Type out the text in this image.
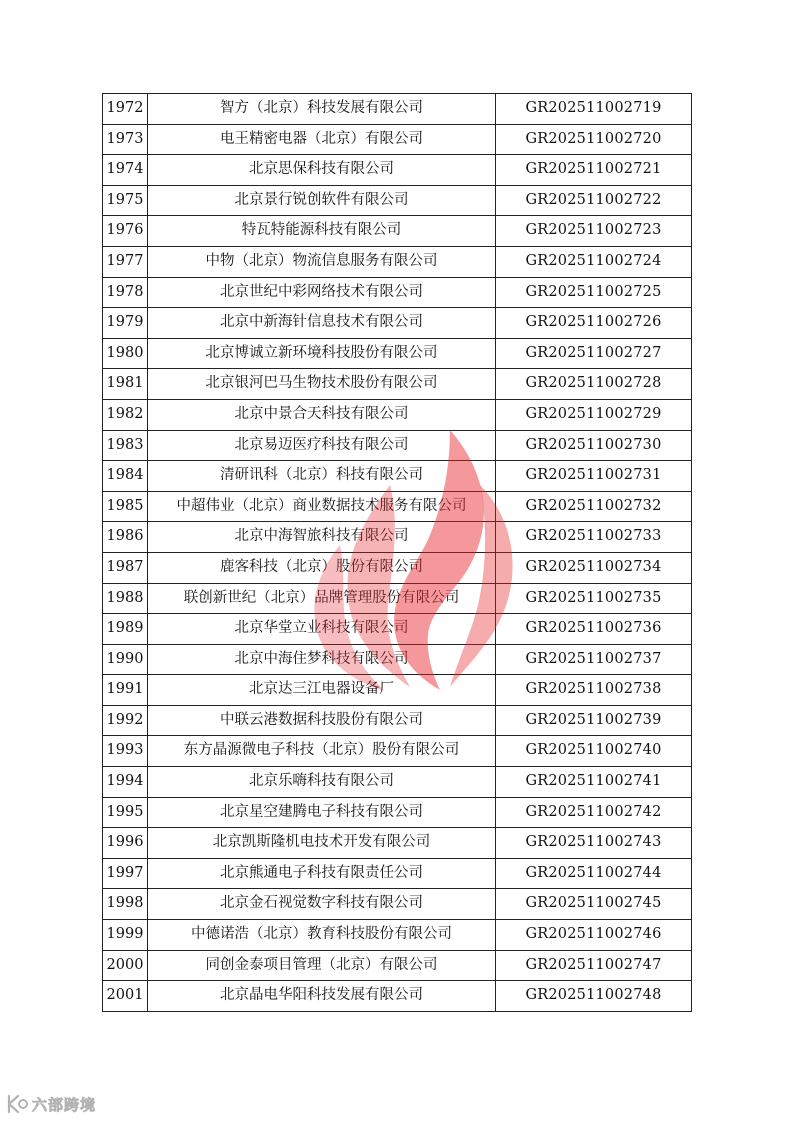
1972	智方（北京）科技发展有限公司	GR202511002719
1973	电王精密电器（北京）有限公司	GR202511002720
1974	北京思保科技有限公司	GR202511002721
1975	北京景行锐创软件有限公司	GR202511002722
1976	特瓦特能源科技有限公司	GR202511002723
1977	中物（北京）物流信息服务有限公司	GR202511002724
1978	北京世纪中彩网络技术有限公司	GR202511002725
1979	北京中新海针信息技术有限公司	GR202511002726
1980	北京博诚立新环境科技股份有限公司	GR202511002727
1981	北京银河巴马生物技术股份有限公司	GR202511002728
1982	北京中景合天科技有限公司	GR202511002729
1983	北京易迈医疗科技有限公司	GR202511002730
1984	清研讯科（北京）科技有限公司	GR202511002731
1985	中超伟业（北京）商业数据技术服务有限公司	GR202511002732
1986	北京中海智旅科技有限公司	GR202511002733
1987	鹿客科技（北京）股份有限公司	GR202511002734
1988	联创新世纪（北京）品牌管理股份有限公司	GR202511002735
1989	北京华堂立业科技有限公司	GR202511002736
1990	北京中海住梦科技有限公司	GR202511002737
1991	北京达三江电器设备厂	GR202511002738
1992	中联云港数据科技股份有限公司	GR202511002739
1993	东方晶源微电子科技（北京）股份有限公司	GR202511002740
1994	北京乐嗨科技有限公司	GR202511002741
1995	北京星空建腾电子科技有限公司	GR202511002742
1996	北京凯斯隆机电技术开发有限公司	GR202511002743
1997	北京熊通电子科技有限责任公司	GR202511002744
1998	北京金石视觉数字科技有限公司	GR202511002745
1999	中德诺浩（北京）教育科技股份有限公司	GR202511002746
2000	同创金泰项目管理（北京）有限公司	GR202511002747
2001	北京晶电华阳科技发展有限公司	GR202511002748
六部跨境
